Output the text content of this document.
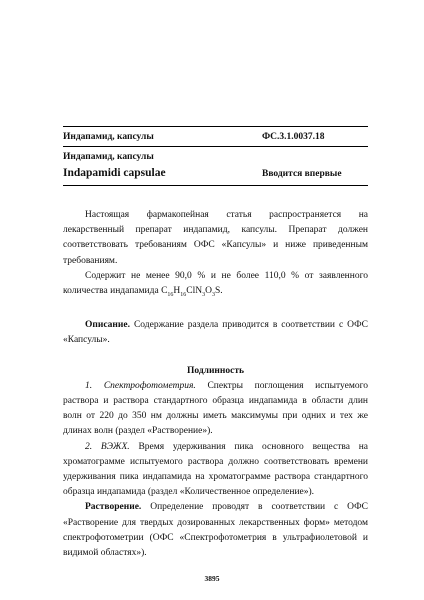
Индапамид, капсулы	ФС.3.1.0037.18
Индапамид, капсулы
Indapamidi capsulae	Вводится впервые

Настоящая фармакопейная статья распространяется на лекарственный препарат индапамид, капсулы. Препарат должен соответствовать требованиям ОФС «Капсулы» и ниже приведенным требованиям.

Содержит не менее 90,0 % и не более 110,0 % от заявленного количества индапамида $C_{16}H_{16}ClN_3O_3S$.

Описание. Содержание раздела приводится в соответствии с ОФС «Капсулы».

Подлинность

1. Спектрофотометрия. Спектры поглощения испытуемого раствора и раствора стандартного образца индапамида в области длин волн от 220 до 350 нм должны иметь максимумы при одних и тех же длинах волн (раздел «Растворение»).

2. ВЭЖХ. Время удерживания пика основного вещества на хроматограмме испытуемого раствора должно соответствовать времени удерживания пика индапамида на хроматограмме раствора стандартного образца индапамида (раздел «Количественное определение»).

Растворение. Определение проводят в соответствии с ОФС «Растворение для твердых дозированных лекарственных форм» методом спектрофотометрии (ОФС «Спектрофотометрия в ультрафиолетовой и видимой областях»).

3895
